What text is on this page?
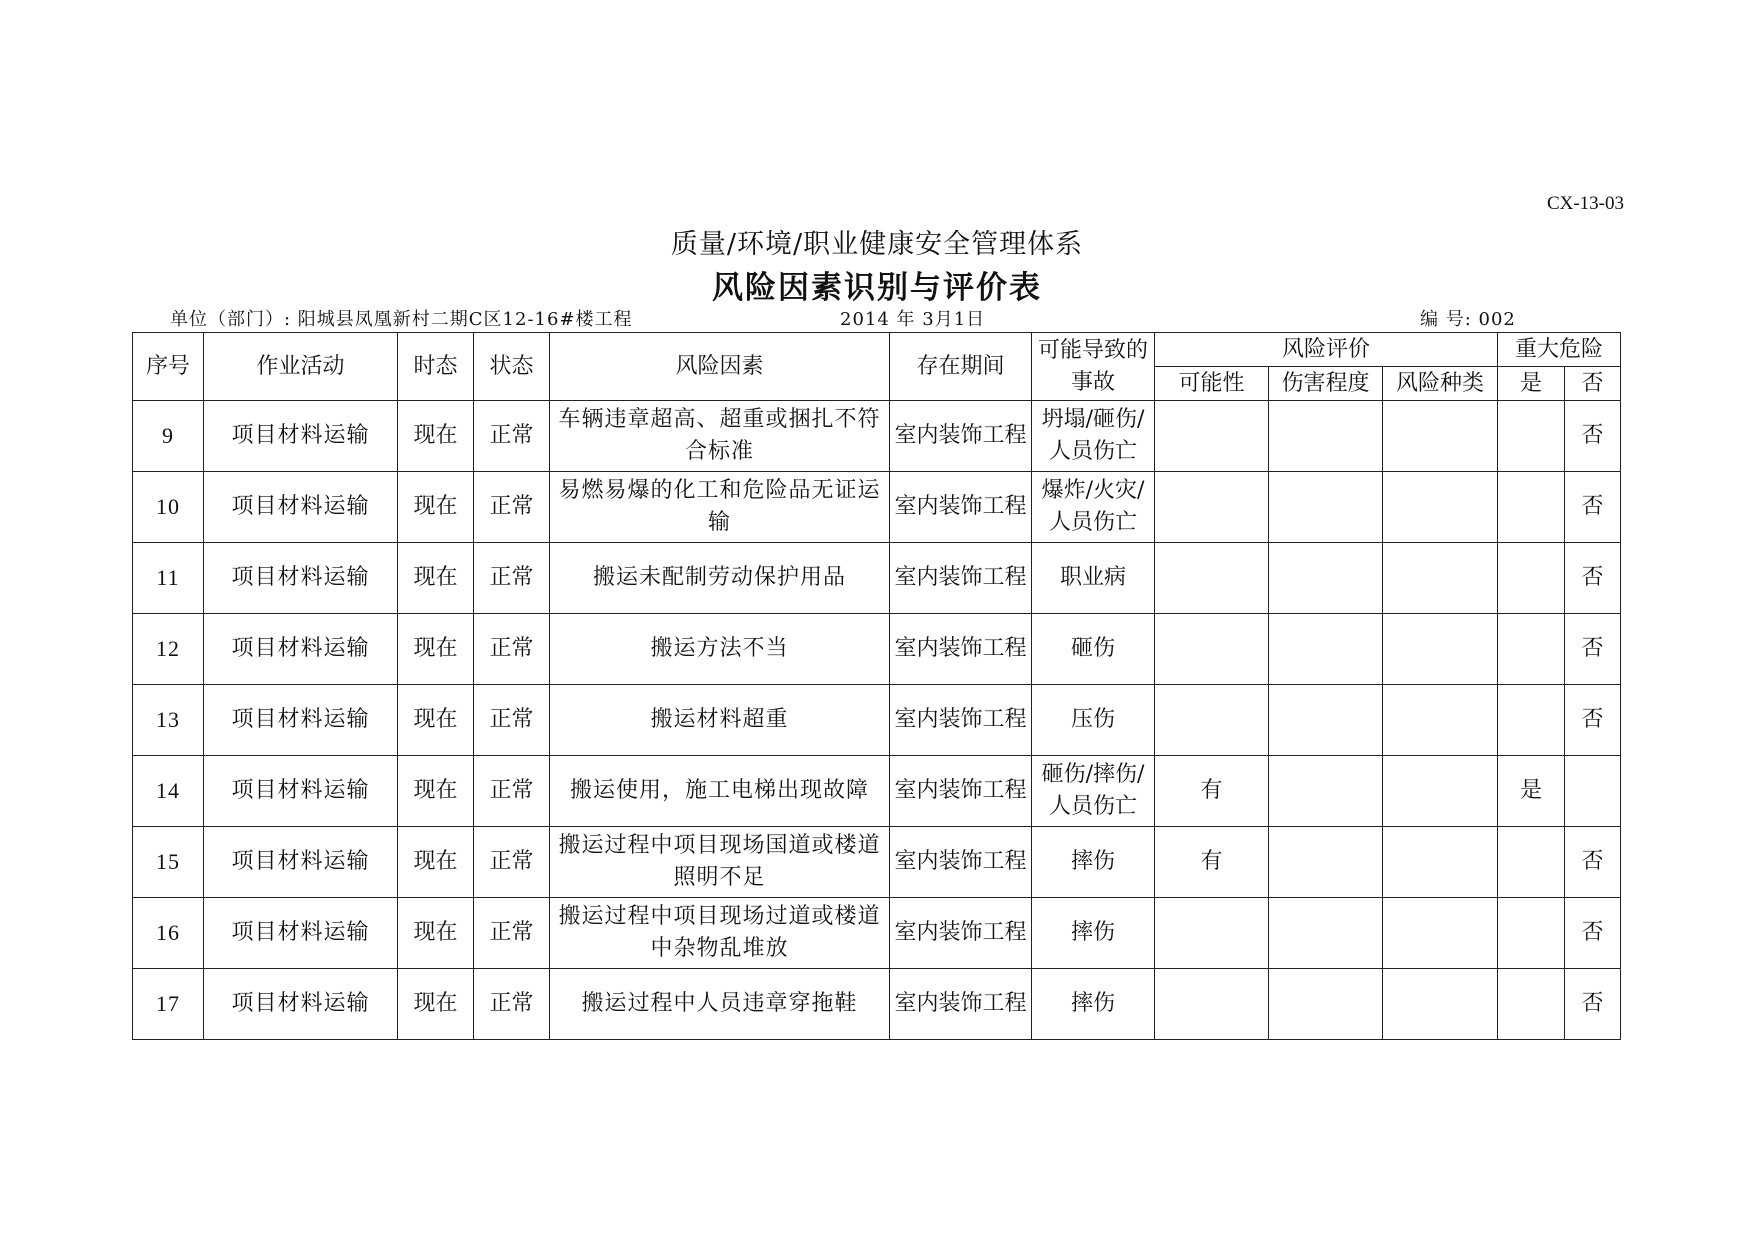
CX-13-03
质量/环境/职业健康安全管理体系
风险因素识别与评价表
单位（部门）: 阳城县凤凰新村二期C区12-16#楼工程	2014 年 3月1日	编 号: 002
序号	作业活动	时态	状态	风险因素	存在期间	可能导致的事故	风险评价			重大危险	
							可能性	伤害程度	风险种类	是	否
9	项目材料运输	现在	正常	车辆违章超高、超重或捆扎不符合标准	室内装饰工程	坍塌/砸伤/人员伤亡					否
10	项目材料运输	现在	正常	易燃易爆的化工和危险品无证运输	室内装饰工程	爆炸/火灾/人员伤亡					否
11	项目材料运输	现在	正常	搬运未配制劳动保护用品	室内装饰工程	职业病					否
12	项目材料运输	现在	正常	搬运方法不当	室内装饰工程	砸伤					否
13	项目材料运输	现在	正常	搬运材料超重	室内装饰工程	压伤					否
14	项目材料运输	现在	正常	搬运使用，施工电梯出现故障	室内装饰工程	砸伤/摔伤/人员伤亡	有			是	
15	项目材料运输	现在	正常	搬运过程中项目现场国道或楼道照明不足	室内装饰工程	摔伤	有				否
16	项目材料运输	现在	正常	搬运过程中项目现场过道或楼道中杂物乱堆放	室内装饰工程	摔伤					否
17	项目材料运输	现在	正常	搬运过程中人员违章穿拖鞋	室内装饰工程	摔伤					否
